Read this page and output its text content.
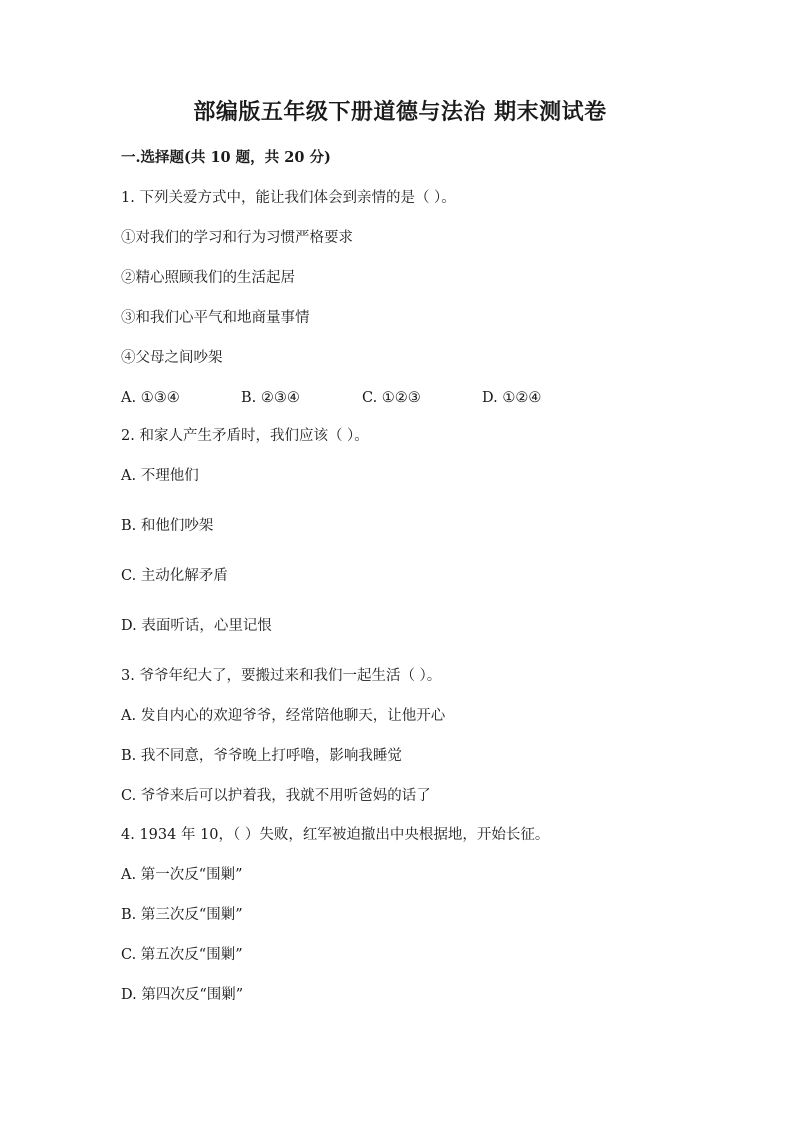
部编版五年级下册道德与法治 期末测试卷
一.选择题(共 10 题，共 20 分)
1. 下列关爱方式中，能让我们体会到亲情的是（ ）。
①对我们的学习和行为习惯严格要求
②精心照顾我们的生活起居
③和我们心平气和地商量事情
④父母之间吵架
A. ①③④	B. ②③④	C. ①②③	D. ①②④
2. 和家人产生矛盾时，我们应该（ ）。
A. 不理他们
B. 和他们吵架
C. 主动化解矛盾
D. 表面听话，心里记恨
3. 爷爷年纪大了，要搬过来和我们一起生活（ ）。
A. 发自内心的欢迎爷爷，经常陪他聊天，让他开心
B. 我不同意，爷爷晚上打呼噜，影响我睡觉
C. 爷爷来后可以护着我，我就不用听爸妈的话了
4. 1934 年 10，（ ）失败，红军被迫撤出中央根据地，开始长征。
A. 第一次反“围剿”
B. 第三次反“围剿”
C. 第五次反“围剿”
D. 第四次反“围剿”
